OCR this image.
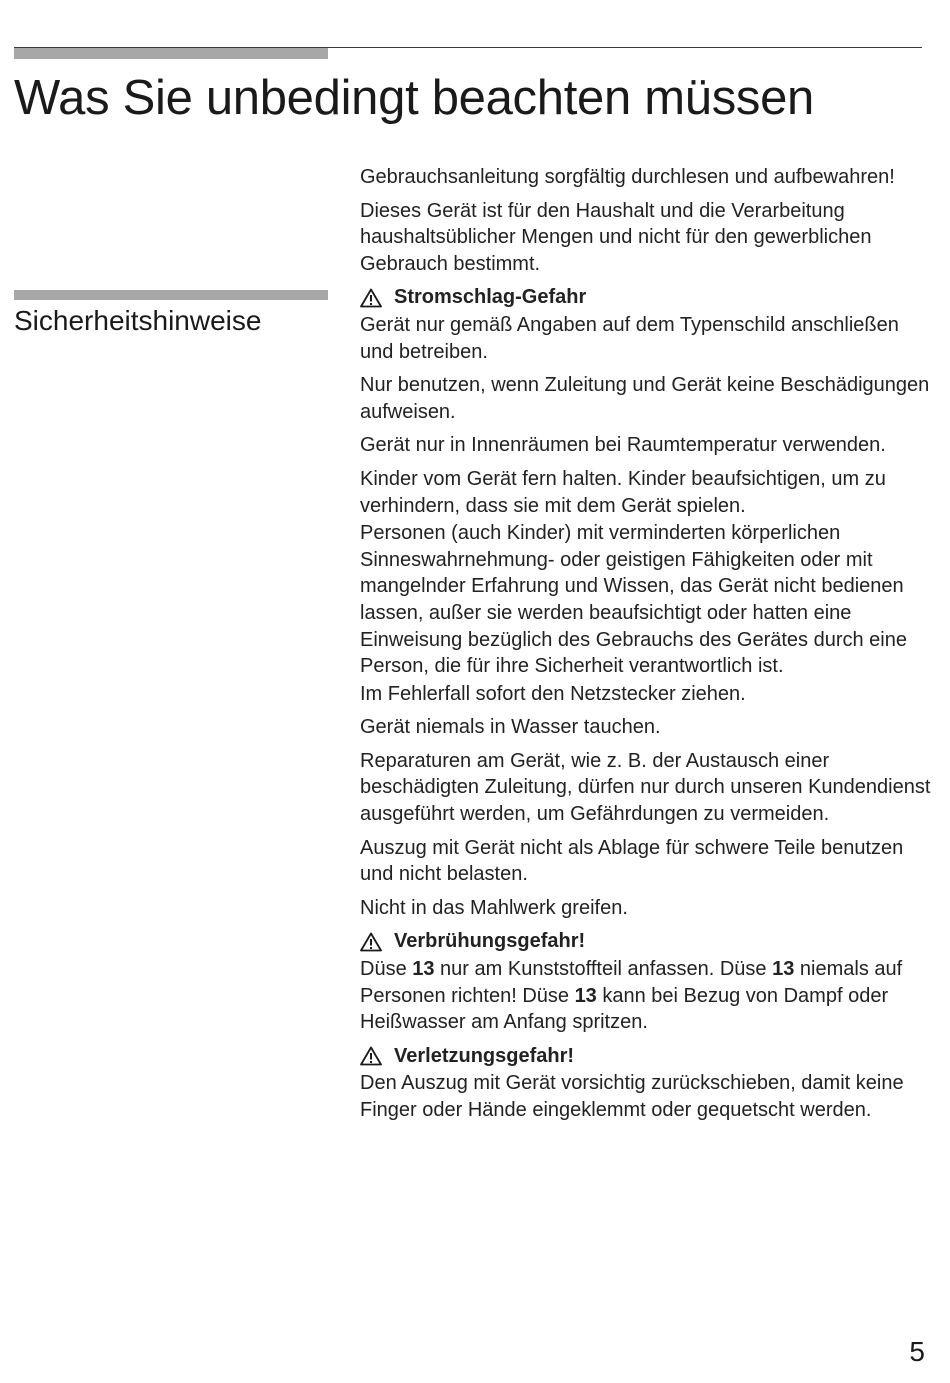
Was Sie unbedingt beachten müssen
Sicherheitshinweise

Gebrauchsanleitung sorgfältig durchlesen und aufbewahren!

Dieses Gerät ist für den Haushalt und die Verarbeitung haushaltsüblicher Mengen und nicht für den gewerblichen Gebrauch bestimmt.

Stromschlag-Gefahr

Gerät nur gemäß Angaben auf dem Typenschild anschließen und betreiben.

Nur benutzen, wenn Zuleitung und Gerät keine Beschädigungen aufweisen.

Gerät nur in Innenräumen bei Raumtemperatur verwenden.

Kinder vom Gerät fern halten. Kinder beaufsichtigen, um zu verhindern, dass sie mit dem Gerät spielen.

Personen (auch Kinder) mit verminderten körperlichen Sinneswahrnehmung- oder geistigen Fähigkeiten oder mit mangelnder Erfahrung und Wissen, das Gerät nicht bedienen lassen, außer sie werden beaufsichtigt oder hatten eine Einweisung bezüglich des Gebrauchs des Gerätes durch eine Person, die für ihre Sicherheit verantwortlich ist.

Im Fehlerfall sofort den Netzstecker ziehen.

Gerät niemals in Wasser tauchen.

Reparaturen am Gerät, wie z. B. der Austausch einer beschädigten Zuleitung, dürfen nur durch unseren Kundendienst ausgeführt werden, um Gefährdungen zu vermeiden.

Auszug mit Gerät nicht als Ablage für schwere Teile benutzen und nicht belasten.

Nicht in das Mahlwerk greifen.

Verbrühungsgefahr!

Düse 13 nur am Kunststoffteil anfassen. Düse 13 niemals auf Personen richten! Düse 13 kann bei Bezug von Dampf oder Heißwasser am Anfang spritzen.

Verletzungsgefahr!

Den Auszug mit Gerät vorsichtig zurückschieben, damit keine Finger oder Hände eingeklemmt oder gequetscht werden.

5
